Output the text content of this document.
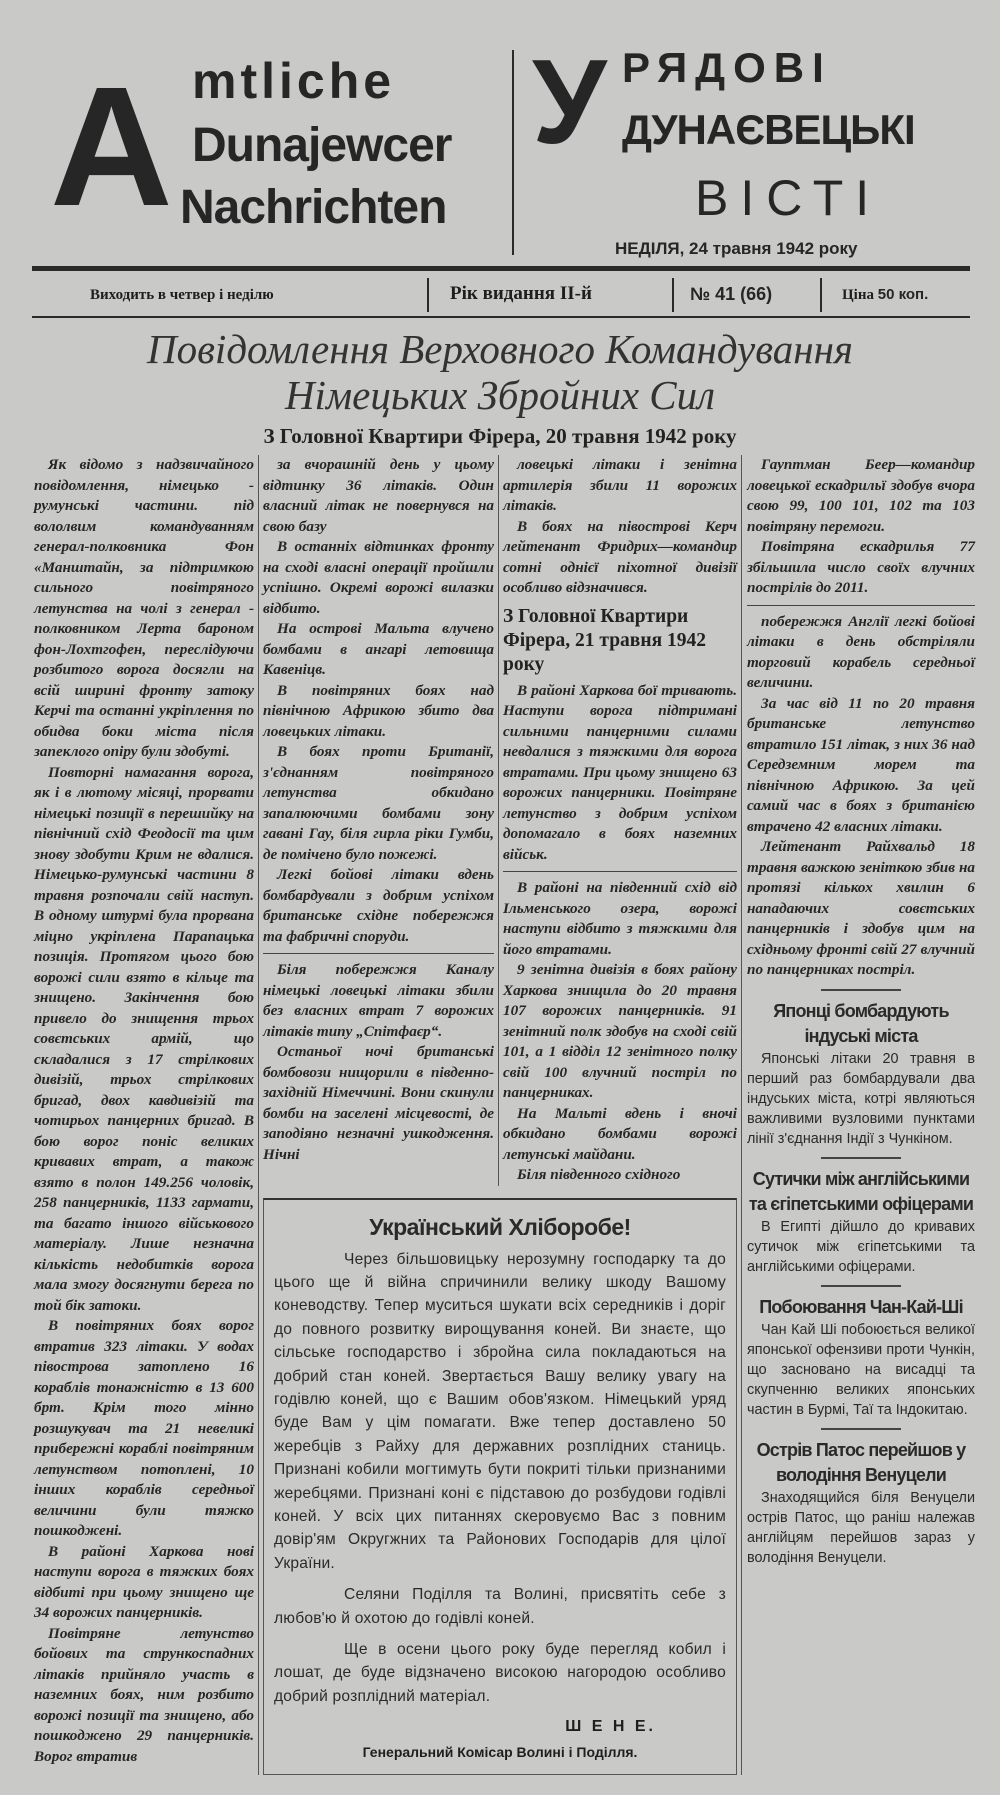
A mtliche
Dunajewcer
Nachrichten
У РЯДОВІ
ДУНАЄВЕЦЬКІ
ВІСТІ
НЕДІЛЯ, 24 травня 1942 року
Виходить в четвер і неділю	Рік видання II-й	№ 41 (66)	Ціна 50 коп.
Повідомлення Верховного Командування
Німецьких Збройних Сил
З Головної Квартири Фірера, 20 травня 1942 року

Як відомо з надзвичайного повідомлення, німецько - румунські частини. під вололвим командуванням генерал-полковника Фон «Манштайн, за підтримкою сильного повітряного летунства на чолі з генерал - полковником Лерта бароном фон-Лохтгофен, переслідуючи розбитого ворога досягли на всій ширині фронту затоку Керчі та останні укріплення по обидва боки міста після запеклого опіру були здобуті.

Повторні намагання ворога, як і в лютому місяці, прорвати німецькі позиції в перешийку на північний схід Феодосії та цим знову здобути Крим не вдалися. Німецько-румунські частини 8 травня розпочали свій наступ. В одному штурмі була прорвана міцно укріплена Парапацька позиція. Протягом цього бою ворожі сили взято в кільце та знищено. Закінчення бою привело до знищення трьох совєтських армій, що складалися з 17 стрілкових дивізій, трьох стрілкових бригад, двох кавдивізій та чотирьох панцерних бригад. В бою ворог поніс великих кривавих втрат, а також взято в полон 149.256 чоловік, 258 панцерників, 1133 гармати, та багато іншого військового матеріалу. Лише незначна кількість недобитків ворога мала змогу досягнути берега по той бік затоки.

В повітряних боях ворог втратив 323 літаки. У водах півострова затоплено 16 кораблів тонажністю в 13 600 брт. Крім того мінно розшукувач та 21 невеликі прибережні кораблі повітряним летунством потоплені, 10 інших кораблів середньої величини були тяжко пошкоджені.

В районі Харкова нові наступи ворога в тяжких боях відбиті при цьому знищено ще 34 ворожих панцерників.

Повітряне летунство бойових та стрункоспадних літаків прийняло участь в наземних боях, ним розбито ворожі позиції та знищено, або пошкоджено 29 панцерників. Ворог втратив

за вчорашній день у цьому відтинку 36 літаків. Один власний літак не повернувся на свою базу

В останніх відтинках фронту на сході власні операції пройшли успішно. Окремі ворожі вилазки відбито.

На острові Мальта влучено бомбами в ангарі летовища Кавеніцв.

В повітряних боях над північною Африкою збито два ловецьких літаки.

В боях проти Британії, з'єднанням повітряного летунства обкидано запалюючими бомбами зону гавані Гау, біля гирла ріки Гумби, де помічено було пожежі.

Легкі бойові літаки вдень бомбардували з добрим успіхом британське східне побережжя та фабричні споруди.

Біля побережжя Каналу німецькі ловецькі літаки збили без власних втрат 7 ворожих літаків типу „Спітфаєр“.

Останьої ночі британські бомбовози нищорили в південно-західній Німеччині. Вони скинули бомби на заселені місцевості, де заподіяно незначні ушкодження. Нічні

ловецькі літаки і зенітна артилерія збили 11 ворожих літаків.

В боях на півострові Керч лейтенант Фридрих—командир сотні однієї піхотної дивізії особливо відзначився.

З Головної Квартири Фірера, 21 травня 1942 року

В районі Харкова бої тривають. Наступи ворога підтримані сильними панцерними силами невдалися з тяжкими для ворога втратами. При цьому знищено 63 ворожих панцерники. Повітряне летунство з добрим успіхом допомагало в боях наземних військ.

В районі на південний схід від Ільменського озера, ворожі наступи відбито з тяжкими для його втратами.

9 зенітна дивізія в боях району Харкова знищила до 20 травня 107 ворожих панцерників. 91 зенітний полк здобув на сході свій 101, а 1 відділ 12 зенітного полку свій 100 влучний постріл по панцерниках.

На Мальті вдень і вночі обкидано бомбами ворожі летунські майдани.

Біля південного східного

Український Хліборобе!

Через більшовицьку нерозумну господарку та до цього ще й війна спричинили велику шкоду Вашому коневодству. Тепер муситься шукати всіх середників і доріг до повного розвитку вирощування коней. Ви знаєте, що сільське господарство і збройна сила покладаються на добрий стан коней. Звертається Вашу велику увагу на годівлю коней, що є Вашим обов'язком. Німецький уряд буде Вам у цім помагати. Вже тепер доставлено 50 жеребців з Райху для державних розплідних станиць. Признані кобили могтимуть бути покриті тільки признаними жеребцями. Признані коні є підставою до розбудови годівлі коней. У всіх цих питаннях скеровуємо Вас з повним довір'ям Округжних та Районових Господарів для цілої України.

Селяни Поділля та Волині, присвятіть себе з любов'ю й охотою до годівлі коней.

Ще в осени цього року буде перегляд кобил і лошат, де буде відзначено високою нагородою особливо добрий розплідний матеріал.

Ш Е Н Е.
Генеральний Комісар Волині і Поділля.

Гауптман Беер—командир ловецької ескадрильї здобув вчора свою 99, 100 101, 102 та 103 повітряну перемоги.

Повітряна ескадрилья 77 збільшила число своїх влучних пострілів до 2011.

побережжя Англії легкі бойові літаки в день обстріляли торговий корабель середньої величини.

За час від 11 по 20 травня британське летунство втратило 151 літак, з них 36 над Середземним морем та північною Африкою. За цей самий час в боях з британією втрачено 42 власних літаки.

Лейтенант Райхвальд 18 травня важкою зеніткою збив на протязі кількох хвилин 6 нападаючих совєтських панцерників і здобув цим на східньому фронті свій 27 влучний по панцерниках постріл.

Японці бомбардують індуські міста

Японські літаки 20 травня в перший раз бомбардували два індуських міста, котрі являються важливими вузловими пунктами лінії з'єднання Індії з Чункіном.

Сутички між англійськими та єгіпетськими офіцерами

В Египті дійшло до кривавих сутичок між єгіпетськими та англійськими офіцерами.

Побоювання Чан-Кай-Ші

Чан Кай Ші побоюється великої японської офензиви проти Чункін, що засновано на висадці та скупченню великих японських частин в Бурмі, Таї та Індокитаю.

Острів Патос перейшов у володіння Венуцели

Знаходящийся біля Венуцели острів Патос, що раніш належав англійцям перейшов зараз у володіння Венуцели.
